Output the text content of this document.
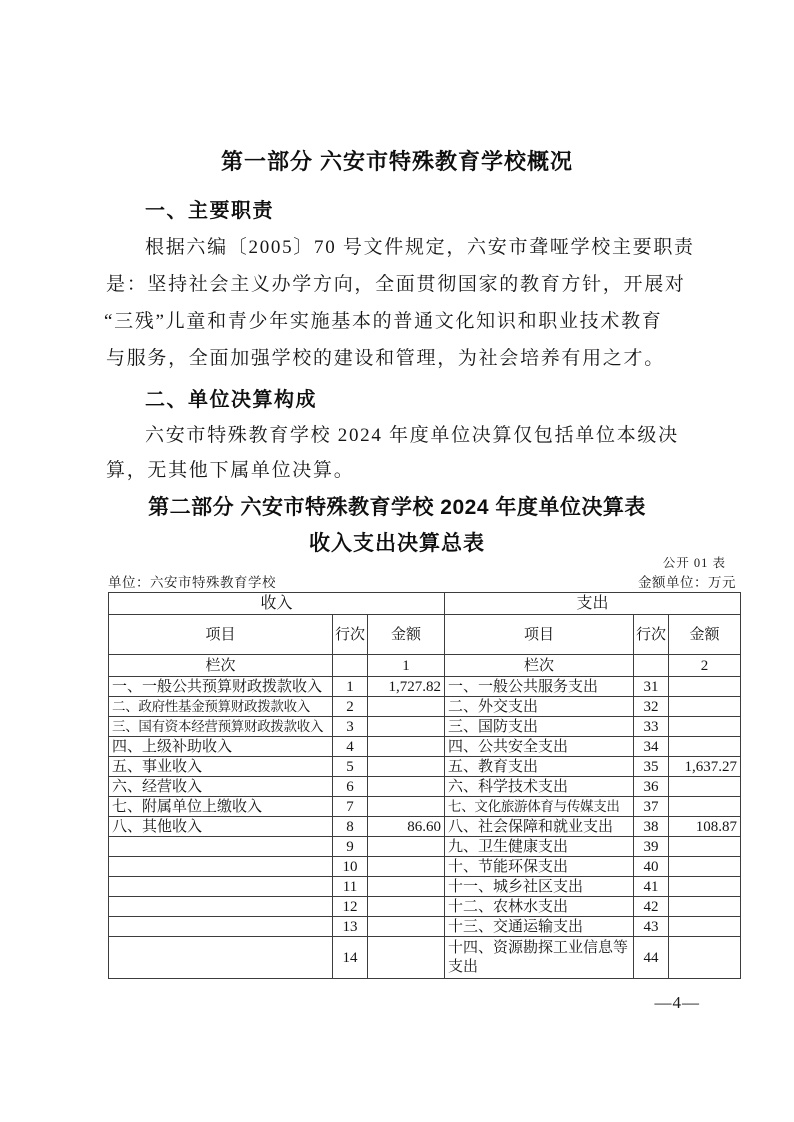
第一部分 六安市特殊教育学校概况
一、主要职责
根据六编〔2005〕70 号文件规定，六安市聋哑学校主要职责
是：坚持社会主义办学方向，全面贯彻国家的教育方针，开展对
“三残”儿童和青少年实施基本的普通文化知识和职业技术教育
与服务，全面加强学校的建设和管理，为社会培养有用之才。
二、单位决算构成
六安市特殊教育学校 2024 年度单位决算仅包括单位本级决
算，无其他下属单位决算。
第二部分 六安市特殊教育学校 2024 年度单位决算表
收入支出决算总表
公开 01 表
单位：六安市特殊教育学校	金额单位：万元
收入			支出		
项目	行次	金额	项目	行次	金额
栏次		1	栏次		2
一、一般公共预算财政拨款收入	1	1,727.82	一、一般公共服务支出	31	
二、政府性基金预算财政拨款收入	2		二、外交支出	32	
三、国有资本经营预算财政拨款收入	3		三、国防支出	33	
四、上级补助收入	4		四、公共安全支出	34	
五、事业收入	5		五、教育支出	35	1,637.27
六、经营收入	6		六、科学技术支出	36	
七、附属单位上缴收入	7		七、文化旅游体育与传媒支出	37	
八、其他收入	8	86.60	八、社会保障和就业支出	38	108.87
	9		九、卫生健康支出	39	
	10		十、节能环保支出	40	
	11		十一、城乡社区支出	41	
	12		十二、农林水支出	42	
	13		十三、交通运输支出	43	
	14		十四、资源勘探工业信息等支出	44	
—4—
